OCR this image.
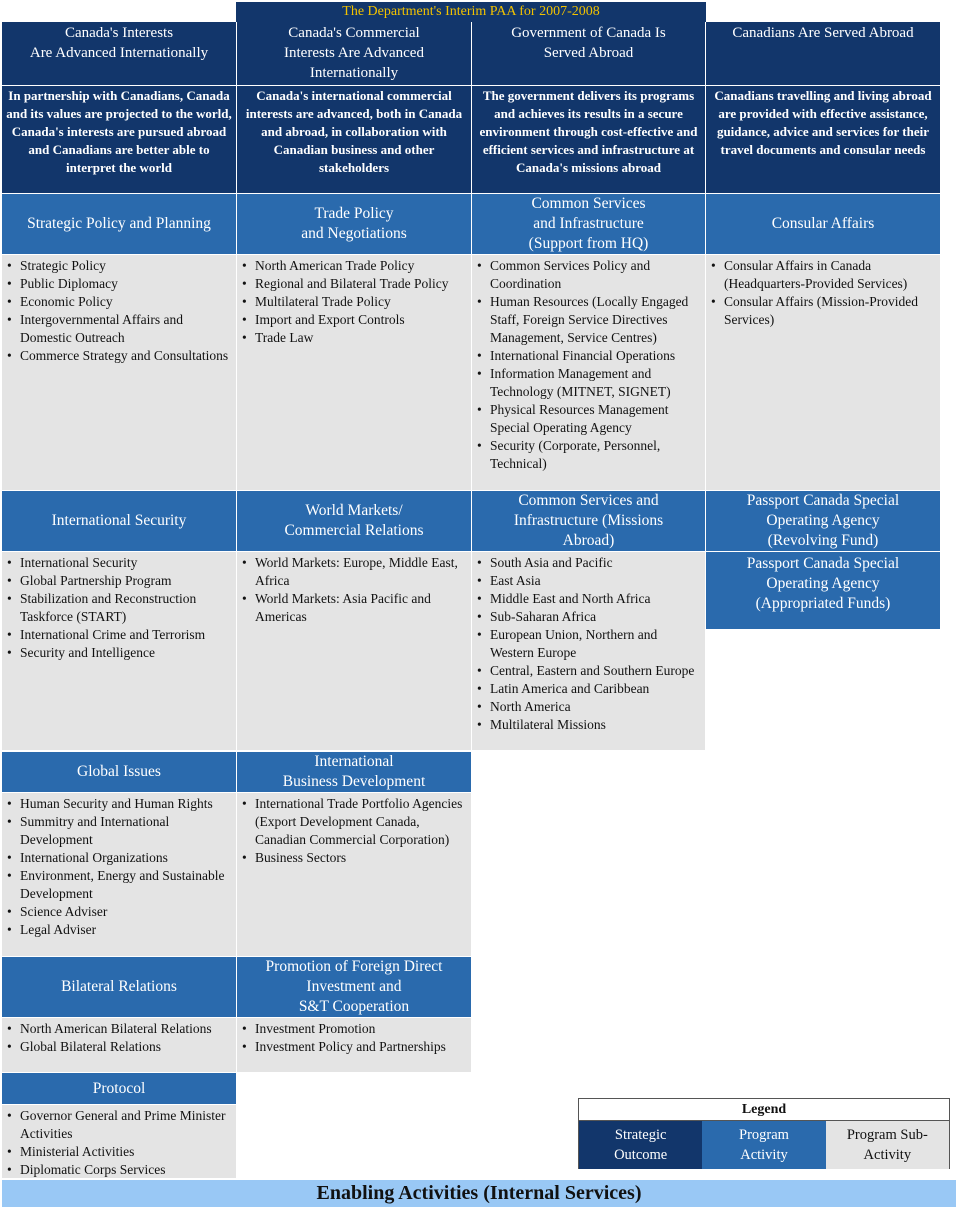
The Department's Interim PAA for 2007-2008
Canada's Interests
Are Advanced Internationally
Canada's Commercial
Interests Are Advanced
Internationally
Government of Canada Is
Served Abroad
Canadians Are Served Abroad
In partnership with Canadians, Canada and its values are projected to the world, Canada's interests are pursued abroad and Canadians are better able to interpret the world
Canada's international commercial interests are advanced, both in Canada and abroad, in collaboration with Canadian business and other stakeholders
The government delivers its programs and achieves its results in a secure environment through cost-effective and efficient services and infrastructure at Canada's missions abroad
Canadians travelling and living abroad are provided with effective assistance, guidance, advice and services for their travel documents and consular needs
Strategic Policy and Planning
• Strategic Policy
• Public Diplomacy
• Economic Policy
• Intergovernmental Affairs and Domestic Outreach
• Commerce Strategy and Consultations
International Security
• International Security
• Global Partnership Program
• Stabilization and Reconstruction Taskforce (START)
• International Crime and Terrorism
• Security and Intelligence
Global Issues
• Human Security and Human Rights
• Summitry and International Development
• International Organizations
• Environment, Energy and Sustainable Development
• Science Adviser
• Legal Adviser
Bilateral Relations
• North American Bilateral Relations
• Global Bilateral Relations
Protocol
• Governor General and Prime Minister Activities
• Ministerial Activities
• Diplomatic Corps Services
Trade Policy
and Negotiations
• North American Trade Policy
• Regional and Bilateral Trade Policy
• Multilateral Trade Policy
• Import and Export Controls
• Trade Law
World Markets/
Commercial Relations
• World Markets: Europe, Middle East, Africa
• World Markets: Asia Pacific and Americas
International
Business Development
• International Trade Portfolio Agencies (Export Development Canada, Canadian Commercial Corporation)
• Business Sectors
Promotion of Foreign Direct
Investment and
S&T Cooperation
• Investment Promotion
• Investment Policy and Partnerships
Common Services
and Infrastructure
(Support from HQ)
• Common Services Policy and Coordination
• Human Resources (Locally Engaged Staff, Foreign Service Directives Management, Service Centres)
• International Financial Operations
• Information Management and Technology (MITNET, SIGNET)
• Physical Resources Management Special Operating Agency
• Security (Corporate, Personnel, Technical)
Common Services and
Infrastructure (Missions
Abroad)
• South Asia and Pacific
• East Asia
• Middle East and North Africa
• Sub-Saharan Africa
• European Union, Northern and Western Europe
• Central, Eastern and Southern Europe
• Latin America and Caribbean
• North America
• Multilateral Missions
Consular Affairs
• Consular Affairs in Canada (Headquarters-Provided Services)
• Consular Affairs (Mission-Provided Services)
Passport Canada Special
Operating Agency
(Revolving Fund)
Passport Canada Special
Operating Agency
(Appropriated Funds)
Legend
Strategic
Outcome
Program
Activity
Program Sub-
Activity
Enabling Activities (Internal Services)
